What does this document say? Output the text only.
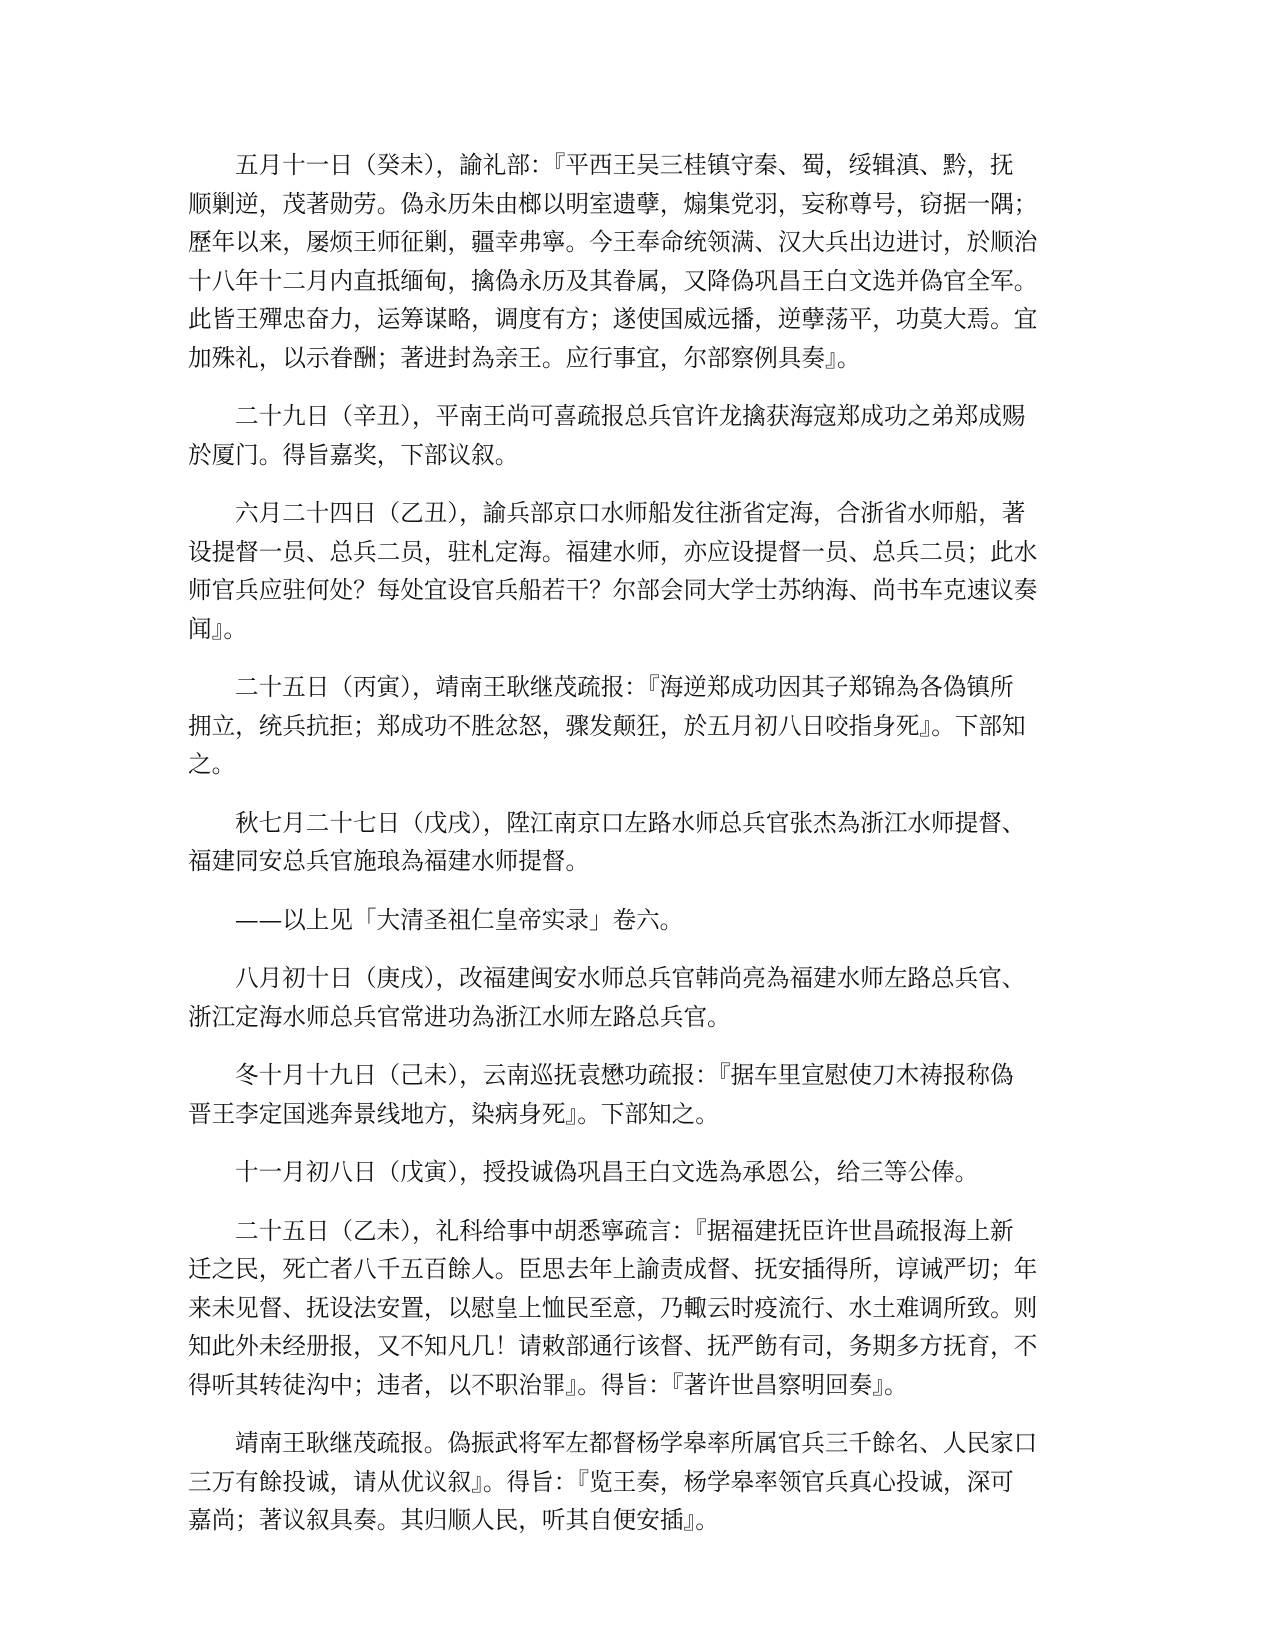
五月十一日（癸未），諭礼部：『平西王吴三桂镇守秦、蜀，绥辑滇、黔，抚
顺剿逆，茂著勋劳。偽永历朱由榔以明室遗孽，煽集党羽，妄称尊号，窃据一隅；
歷年以来，屡烦王师征剿，疆幸弗寧。今王奉命统领满、汉大兵出边进讨，於顺治
十八年十二月内直抵缅甸，擒偽永历及其眷属，又降偽巩昌王白文选并偽官全军。
此皆王殫忠奋力，运筹谋略，调度有方；遂使国威远播，逆孽荡平，功莫大焉。宜
加殊礼，以示眷酬；著进封為亲王。应行事宜，尔部察例具奏』。

二十九日（辛丑），平南王尚可喜疏报总兵官许龙擒获海寇郑成功之弟郑成赐
於厦门。得旨嘉奖，下部议叙。

六月二十四日（乙丑），諭兵部京口水师船发往浙省定海，合浙省水师船，著
设提督一员、总兵二员，驻札定海。福建水师，亦应设提督一员、总兵二员；此水
师官兵应驻何处？每处宜设官兵船若干？尔部会同大学士苏纳海、尚书车克速议奏
闻』。

二十五日（丙寅），靖南王耿继茂疏报：『海逆郑成功因其子郑锦為各偽镇所
拥立，统兵抗拒；郑成功不胜忿怒，骤发颠狂，於五月初八日咬指身死』。下部知
之。

秋七月二十七日（戊戌），陞江南京口左路水师总兵官张杰為浙江水师提督、
福建同安总兵官施琅為福建水师提督。

——以上见「大清圣祖仁皇帝实录」卷六。

八月初十日（庚戌），改福建闽安水师总兵官韩尚亮為福建水师左路总兵官、
浙江定海水师总兵官常进功為浙江水师左路总兵官。

冬十月十九日（己未），云南巡抚袁懋功疏报：『据车里宣慰使刀木祷报称偽
晋王李定国逃奔景线地方，染病身死』。下部知之。

十一月初八日（戊寅），授投诚偽巩昌王白文选為承恩公，给三等公俸。

二十五日（乙未），礼科给事中胡悉寧疏言：『据福建抚臣许世昌疏报海上新
迁之民，死亡者八千五百餘人。臣思去年上諭责成督、抚安插得所，谆诫严切；年
来未见督、抚设法安置，以慰皇上恤民至意，乃輙云时疫流行、水土难调所致。则
知此外未经册报，又不知凡几！请敕部通行该督、抚严飭有司，务期多方抚育，不
得听其转徒沟中；违者，以不职治罪』。得旨：『著许世昌察明回奏』。

靖南王耿继茂疏报。偽振武将军左都督杨学皋率所属官兵三千餘名、人民家口
三万有餘投诚，请从优议叙』。得旨：『览王奏，杨学皋率领官兵真心投诚，深可
嘉尚；著议叙具奏。其归顺人民，听其自便安插』。
